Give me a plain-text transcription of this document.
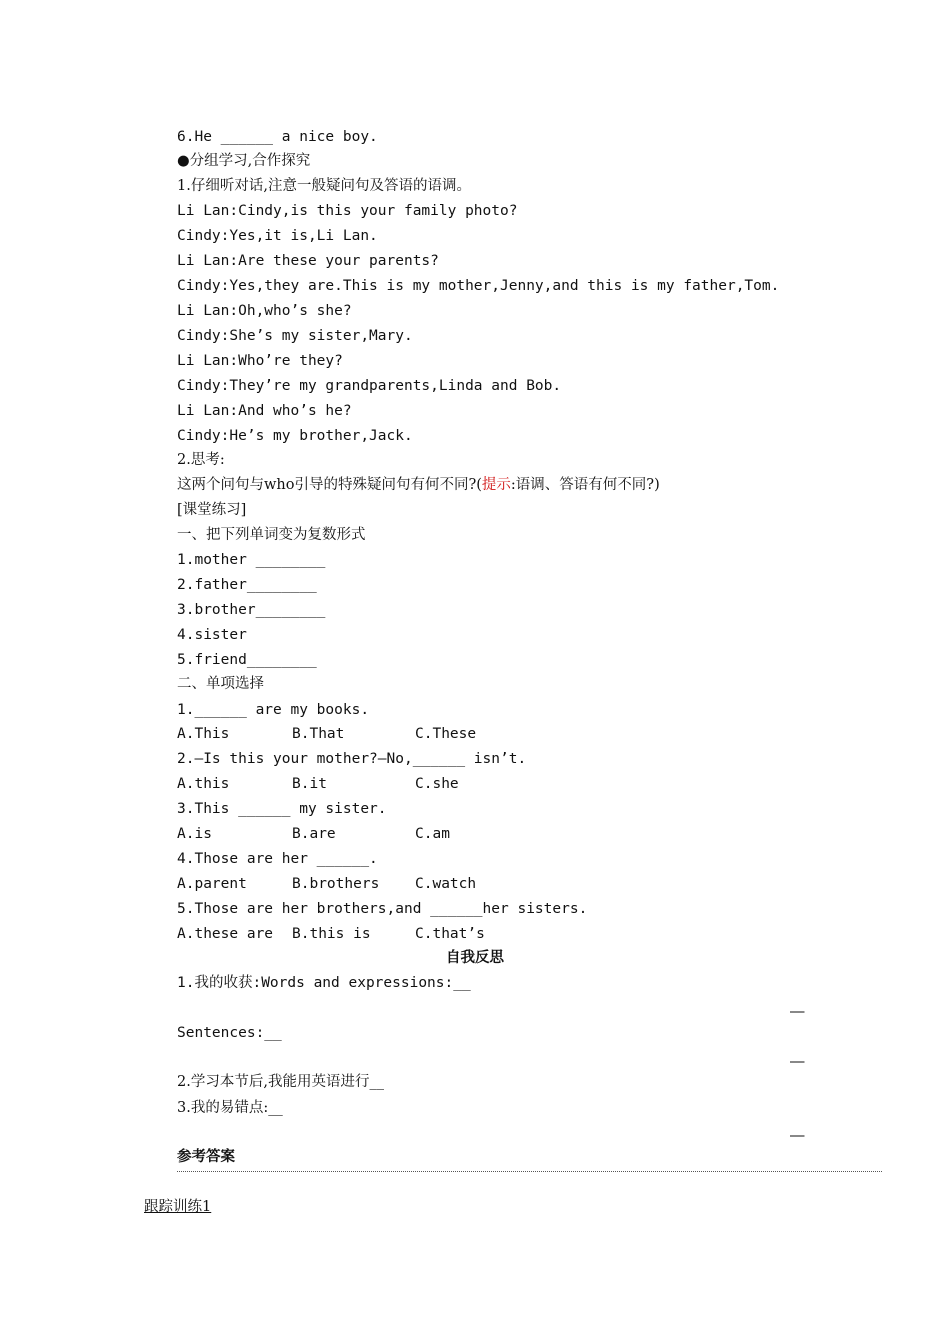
6.He ______ a nice boy.
●分组学习,合作探究
1.仔细听对话,注意一般疑问句及答语的语调。
Li Lan:Cindy,is this your family photo?
Cindy:Yes,it is,Li Lan.
Li Lan:Are these your parents?
Cindy:Yes,they are.This is my mother,Jenny,and this is my father,Tom.
Li Lan:Oh,who’s she?
Cindy:She’s my sister,Mary.
Li Lan:Who’re they?
Cindy:They’re my grandparents,Linda and Bob.
Li Lan:And who’s he?
Cindy:He’s my brother,Jack.
2.思考:
这两个问句与who引导的特殊疑问句有何不同?(提示:语调、答语有何不同?)
[课堂练习]
一、把下列单词变为复数形式
1.mother ________
2.father________
3.brother________
4.sister
5.friend________
二、单项选择
1.______ are my books.
A.This	B.That	C.These
2.—Is this your mother?—No,______ isn’t.
A.this	B.it	C.she
3.This ______ my sister.
A.is	B.are	C.am
4.Those are her ______.
A.parent	B.brothers C.watch
5.Those are her brothers,and ______her sisters.
A.these are B.this is	C.that’s
自我反思
1.我的收获:Words and expressions:__
—
Sentences:__
—
2.学习本节后,我能用英语进行__
3.我的易错点:__
—
参考答案
跟踪训练1
